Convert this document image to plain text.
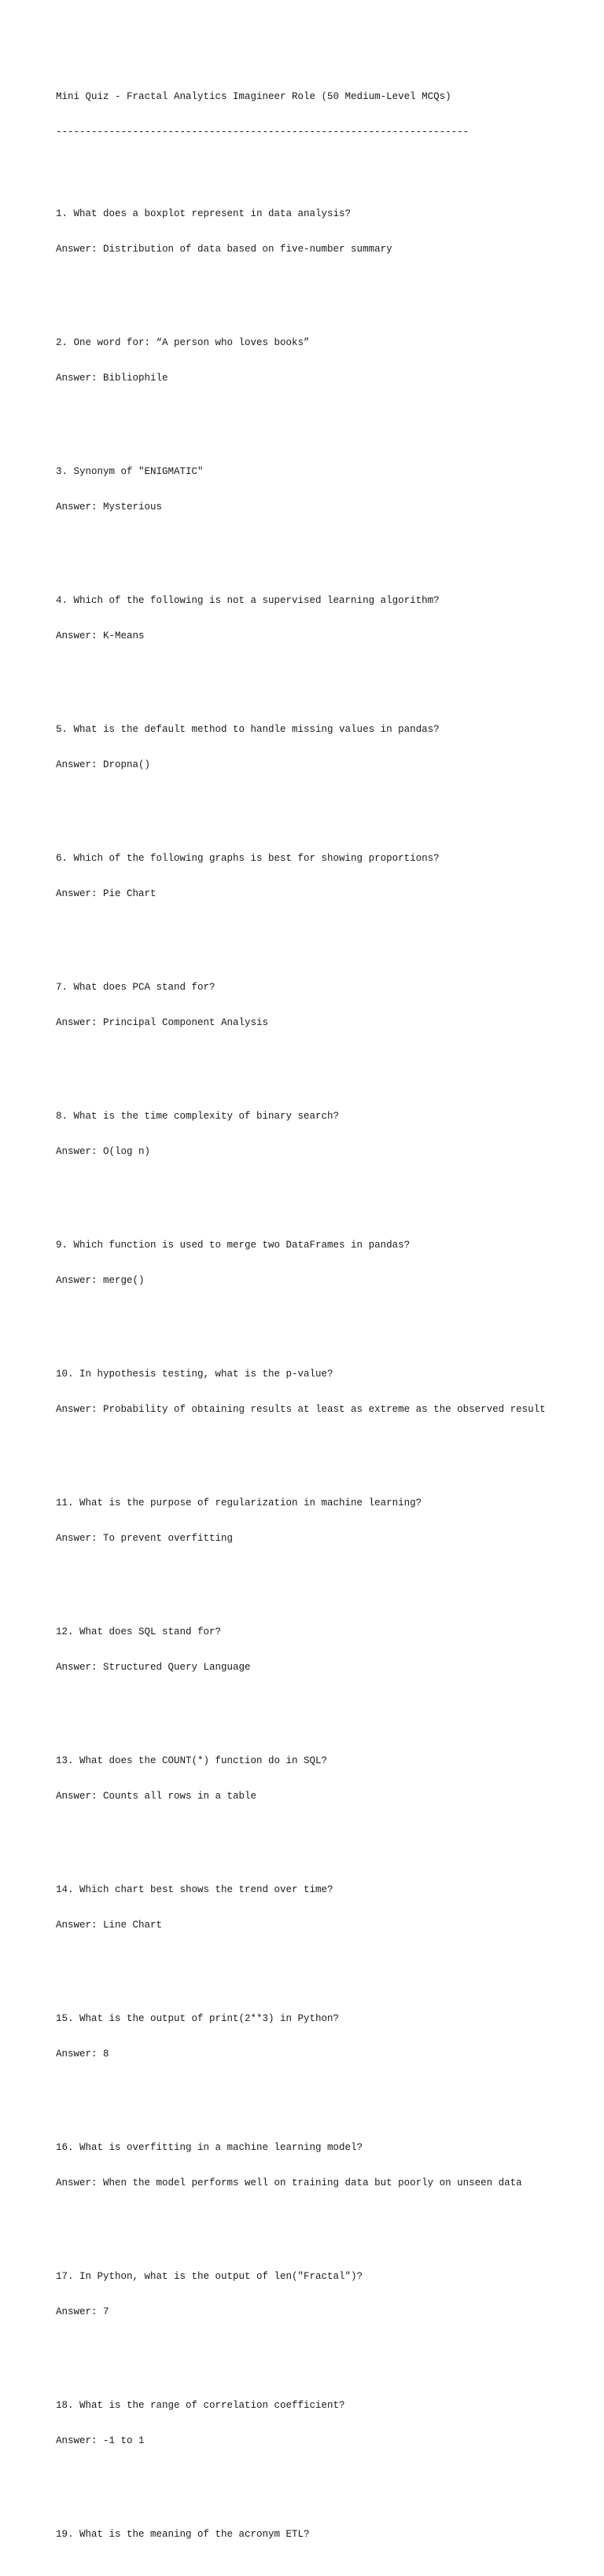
Mini Quiz - Fractal Analytics Imagineer Role (50 Medium-Level MCQs)

----------------------------------------------------------------------

1. What does a boxplot represent in data analysis?

Answer: Distribution of data based on five-number summary

2. One word for: “A person who loves books”

Answer: Bibliophile

3. Synonym of "ENIGMATIC"

Answer: Mysterious

4. Which of the following is not a supervised learning algorithm?

Answer: K-Means

5. What is the default method to handle missing values in pandas?

Answer: Dropna()

6. Which of the following graphs is best for showing proportions?

Answer: Pie Chart

7. What does PCA stand for?

Answer: Principal Component Analysis

8. What is the time complexity of binary search?

Answer: O(log n)

9. Which function is used to merge two DataFrames in pandas?

Answer: merge()

10. In hypothesis testing, what is the p-value?

Answer: Probability of obtaining results at least as extreme as the observed result

11. What is the purpose of regularization in machine learning?

Answer: To prevent overfitting

12. What does SQL stand for?

Answer: Structured Query Language

13. What does the COUNT(*) function do in SQL?

Answer: Counts all rows in a table

14. Which chart best shows the trend over time?

Answer: Line Chart

15. What is the output of print(2**3) in Python?

Answer: 8

16. What is overfitting in a machine learning model?

Answer: When the model performs well on training data but poorly on unseen data

17. In Python, what is the output of len("Fractal")?

Answer: 7

18. What is the range of correlation coefficient?

Answer: -1 to 1

19. What is the meaning of the acronym ETL?
